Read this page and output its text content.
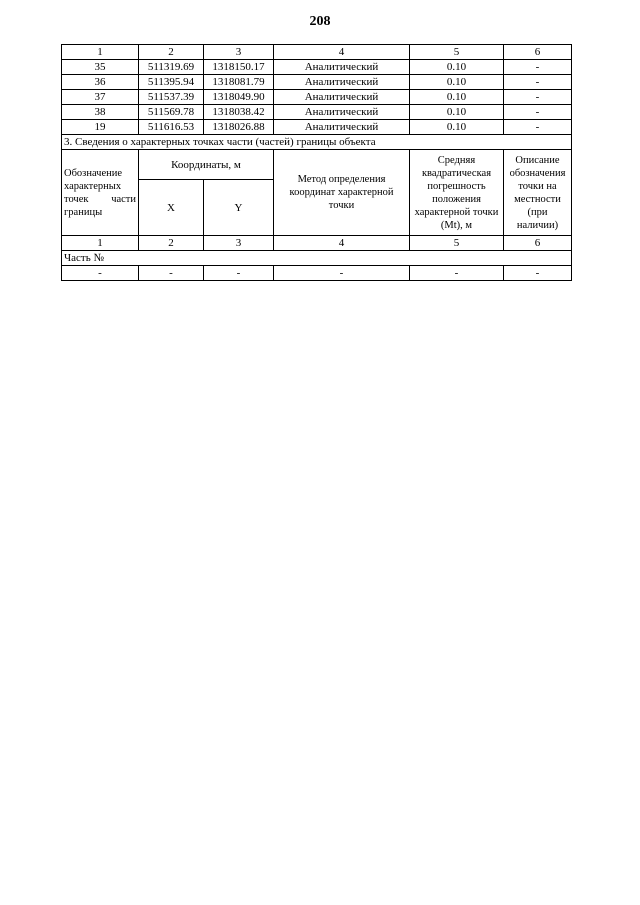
208
1	2	3	4	5	6
35	511319.69	1318150.17	Аналитический	0.10	-
36	511395.94	1318081.79	Аналитический	0.10	-
37	511537.39	1318049.90	Аналитический	0.10	-
38	511569.78	1318038.42	Аналитический	0.10	-
19	511616.53	1318026.88	Аналитический	0.10	-
3. Сведения о характерных точках части (частей) границы объекта					
Обозначение характерных точек части границы	Координаты, м		Метод определения координат характерной точки	Средняя квадратическая погрешность положения характерной точки (Mt), м	Описание обозначения точки на местности (при наличии)
	X	Y			
1	2	3	4	5	6
Часть №					
-	-	-	-	-	-
